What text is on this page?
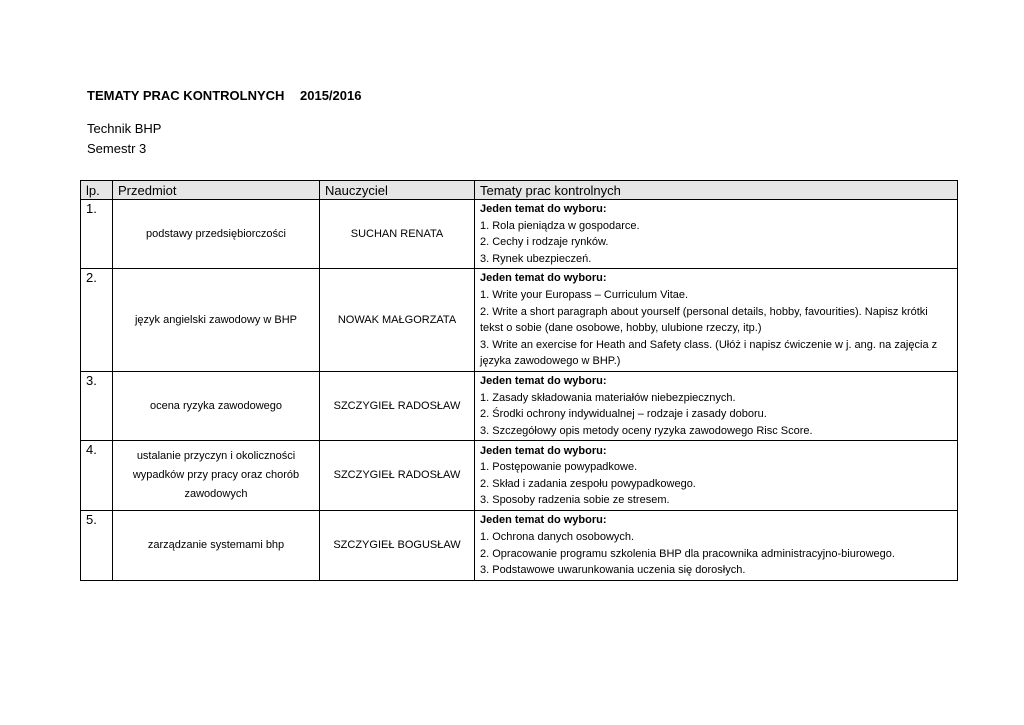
TEMATY PRAC KONTROLNYCH 2015/2016
Technik BHP
Semestr 3
lp.	Przedmiot	Nauczyciel	Tematy prac kontrolnych
1.	podstawy przedsiębiorczości	SUCHAN RENATA	Jeden temat do wyboru:
1. Rola pieniądza w gospodarce.
2. Cechy i rodzaje rynków.
3. Rynek ubezpieczeń.

2.	język angielski zawodowy w BHP	NOWAK MAŁGORZATA	Jeden temat do wyboru:
1. Write your Europass – Curriculum Vitae.
2. Write a short paragraph about yourself (personal details, hobby, favourities). Napisz krótki tekst o sobie (dane osobowe, hobby, ulubione rzeczy, itp.)
3. Write an exercise for Heath and Safety class. (Ułóż i napisz ćwiczenie w j. ang. na zajęcia z języka zawodowego w BHP.)

3.	ocena ryzyka zawodowego	SZCZYGIEŁ RADOSŁAW	Jeden temat do wyboru:
1. Zasady składowania materiałów niebezpiecznych.
2. Środki ochrony indywidualnej – rodzaje i zasady doboru.
3. Szczegółowy opis metody oceny ryzyka zawodowego Risc Score.

4.	ustalanie przyczyn i okoliczności wypadków przy pracy oraz chorób zawodowych	SZCZYGIEŁ RADOSŁAW	Jeden temat do wyboru:
1. Postępowanie powypadkowe.
2. Skład i zadania zespołu powypadkowego.
3. Sposoby radzenia sobie ze stresem.

5.	zarządzanie systemami bhp	SZCZYGIEŁ BOGUSŁAW	Jeden temat do wyboru:
1. Ochrona danych osobowych.
2. Opracowanie programu szkolenia BHP dla pracownika administracyjno-biurowego.
3. Podstawowe uwarunkowania uczenia się dorosłych.
